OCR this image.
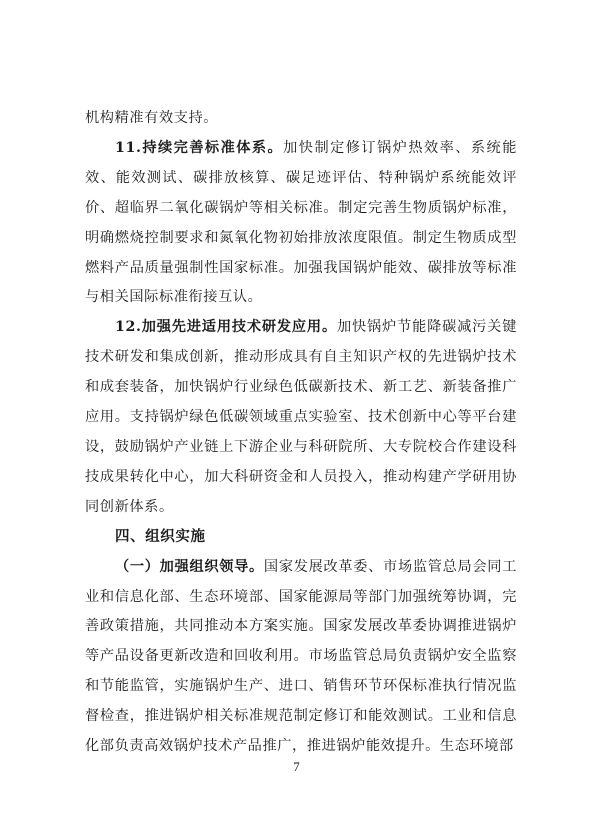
机构精准有效支持。

11.持续完善标准体系。加快制定修订锅炉热效率、系统能效、能效测试、碳排放核算、碳足迹评估、特种锅炉系统能效评价、超临界二氧化碳锅炉等相关标准。制定完善生物质锅炉标准，明确燃烧控制要求和氮氧化物初始排放浓度限值。制定生物质成型燃料产品质量强制性国家标准。加强我国锅炉能效、碳排放等标准与相关国际标准衔接互认。

12.加强先进适用技术研发应用。加快锅炉节能降碳减污关键技术研发和集成创新，推动形成具有自主知识产权的先进锅炉技术和成套装备，加快锅炉行业绿色低碳新技术、新工艺、新装备推广应用。支持锅炉绿色低碳领域重点实验室、技术创新中心等平台建设，鼓励锅炉产业链上下游企业与科研院所、大专院校合作建设科技成果转化中心，加大科研资金和人员投入，推动构建产学研用协同创新体系。

四、组织实施

（一）加强组织领导。国家发展改革委、市场监管总局会同工业和信息化部、生态环境部、国家能源局等部门加强统筹协调，完善政策措施，共同推动本方案实施。国家发展改革委协调推进锅炉等产品设备更新改造和回收利用。市场监管总局负责锅炉安全监察和节能监管，实施锅炉生产、进口、销售环节环保标准执行情况监督检查，推进锅炉相关标准规范制定修订和能效测试。工业和信息化部负责高效锅炉技术产品推广，推进锅炉能效提升。生态环境部

7
